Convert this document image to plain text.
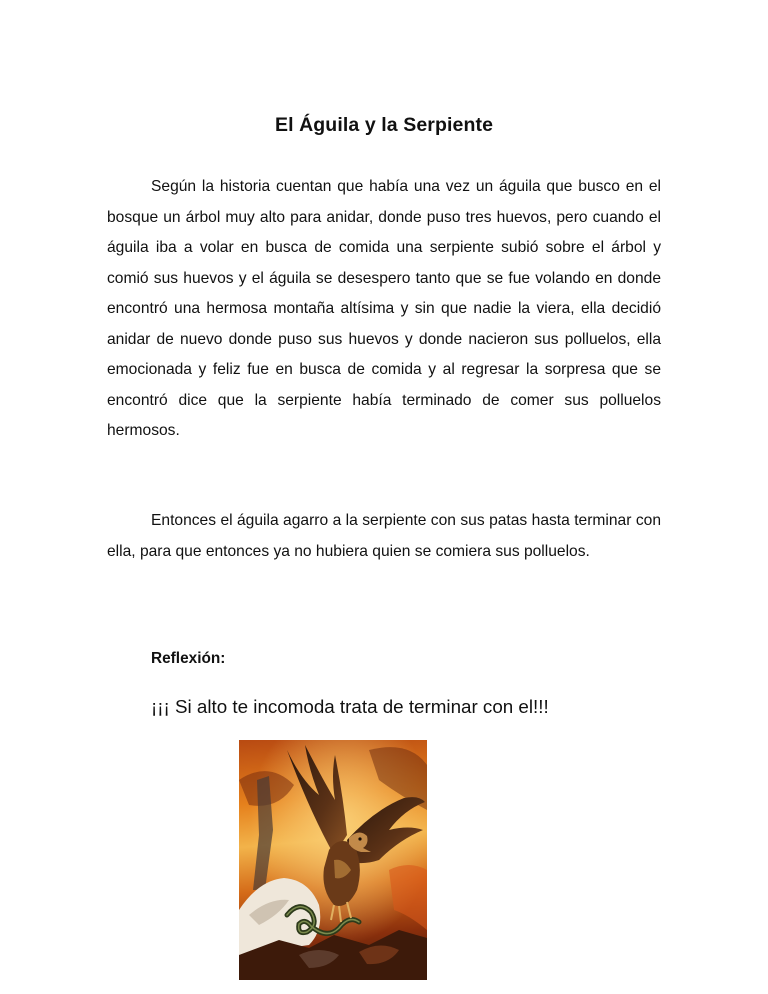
El Águila y la Serpiente

Según la historia cuentan que había una vez un águila que busco en el bosque un árbol muy alto para anidar, donde puso tres huevos, pero cuando el águila iba a volar en busca de comida una serpiente subió sobre el árbol y comió sus huevos y el águila se desespero tanto que se fue volando en donde encontró una hermosa montaña altísima y sin que nadie la viera, ella decidió anidar de nuevo donde puso sus huevos y donde nacieron sus polluelos, ella emocionada y feliz fue en busca de comida y al regresar la sorpresa que se encontró dice que la serpiente había terminado de comer sus polluelos hermosos.

Entonces el águila agarro a la serpiente con sus patas hasta terminar con ella, para que entonces ya no hubiera quien se comiera sus polluelos.

Reflexión:
¡¡¡ Si alto te incomoda trata de terminar con el!!!
